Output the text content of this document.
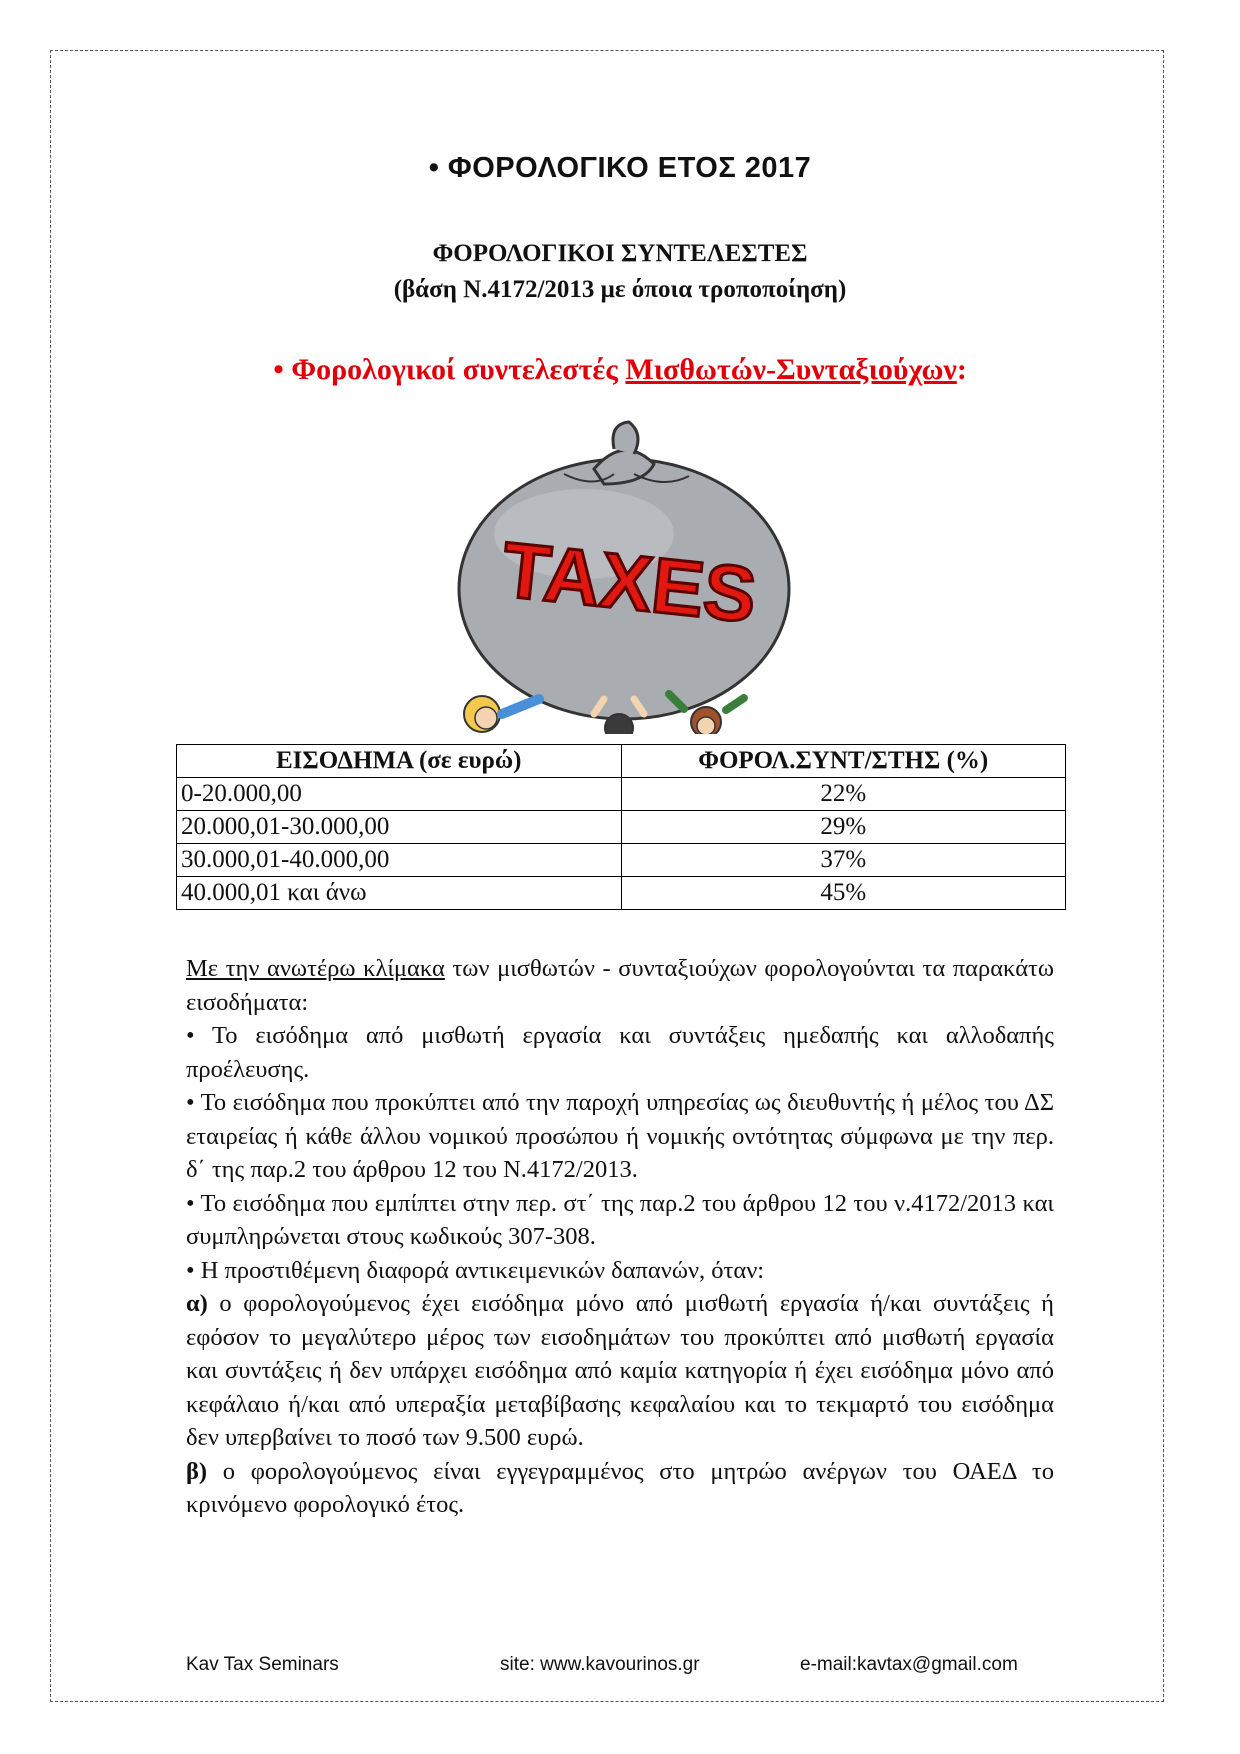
• ΦΟΡΟΛΟΓΙΚΟ ΕΤΟΣ 2017
ΦΟΡΟΛΟΓΙΚΟΙ ΣΥΝΤΕΛΕΣΤΕΣ
(βάση Ν.4172/2013 με όποια τροποποίηση)
• Φορολογικοί συντελεστές Μισθωτών-Συνταξιούχων:
TAXES
ΕΙΣΟΔΗΜΑ (σε ευρώ)	ΦΟΡΟΛ.ΣΥΝΤ/ΣΤΗΣ (%)
0-20.000,00	22%
20.000,01-30.000,00	29%
30.000,01-40.000,00	37%
40.000,01 και άνω	45%

Με την ανωτέρω κλίμακα των μισθωτών - συνταξιούχων φορολογούνται τα παρακάτω εισοδήματα:

• Το εισόδημα από μισθωτή εργασία και συντάξεις ημεδαπής και αλλοδαπής προέλευσης.

• Το εισόδημα που προκύπτει από την παροχή υπηρεσίας ως διευθυντής ή μέλος του ΔΣ εταιρείας ή κάθε άλλου νομικού προσώπου ή νομικής οντότητας σύμφωνα με την περ. δ΄ της παρ.2 του άρθρου 12 του Ν.4172/2013.

• Το εισόδημα που εμπίπτει στην περ. στ΄ της παρ.2 του άρθρου 12 του ν.4172/2013 και συμπληρώνεται στους κωδικούς 307-308.

• Η προστιθέμενη διαφορά αντικειμενικών δαπανών, όταν:

α) ο φορολογούμενος έχει εισόδημα μόνο από μισθωτή εργασία ή/και συντάξεις ή εφόσον το μεγαλύτερο μέρος των εισοδημάτων του προκύπτει από μισθωτή εργασία και συντάξεις ή δεν υπάρχει εισόδημα από καμία κατηγορία ή έχει εισόδημα μόνο από κεφάλαιο ή/και από υπεραξία μεταβίβασης κεφαλαίου και το τεκμαρτό του εισόδημα δεν υπερβαίνει το ποσό των 9.500 ευρώ.

β) ο φορολογούμενος είναι εγγεγραμμένος στο μητρώο ανέργων του ΟΑΕΔ το κρινόμενο φορολογικό έτος.

Kav Tax Seminars	site: www.kavourinos.gr	e-mail:kavtax@gmail.com
